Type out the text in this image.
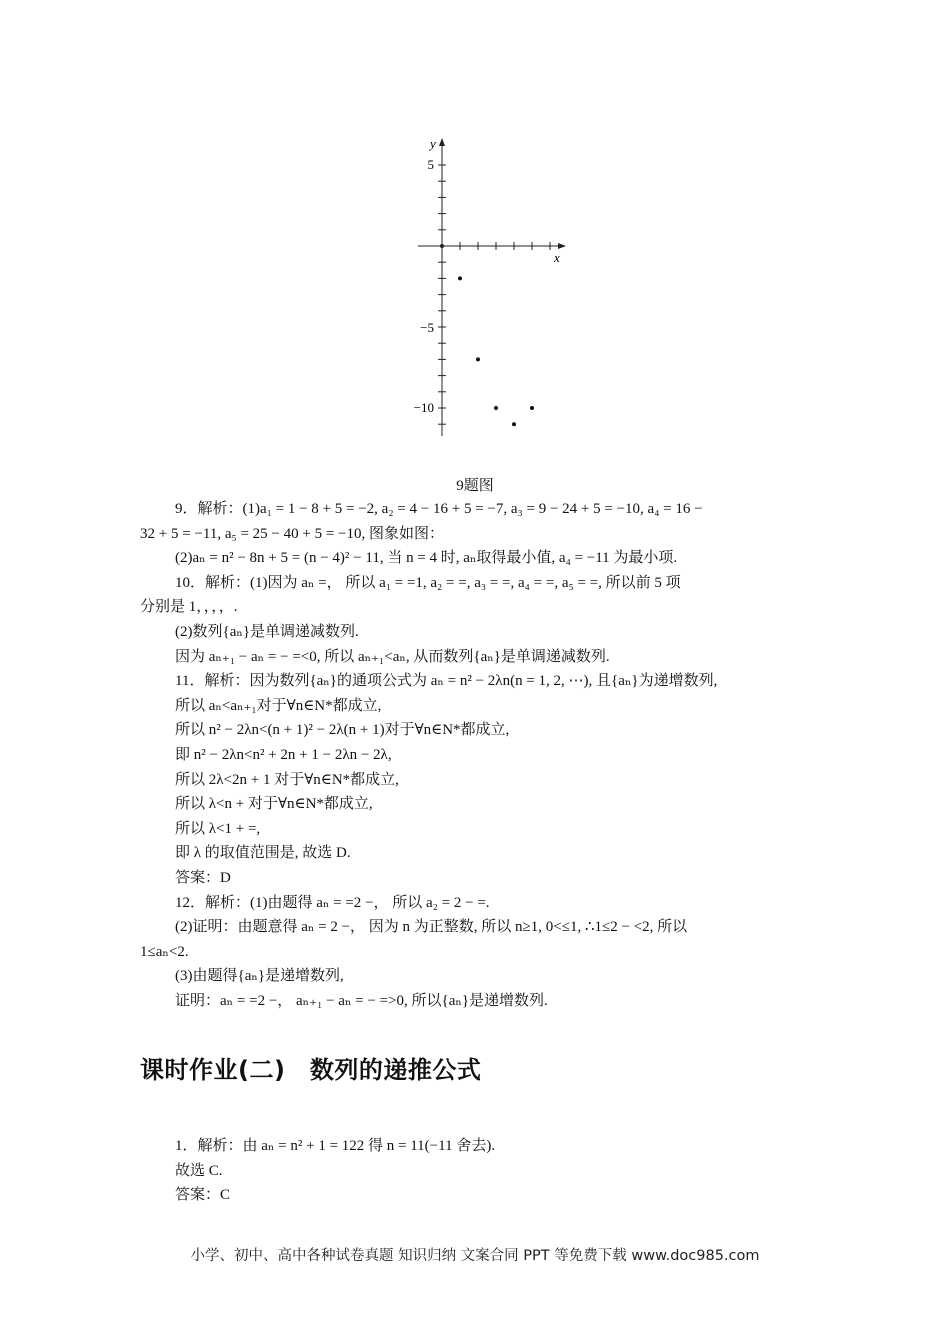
x
y
5
−5
−10
9题图
9．解析：(1)a₁ = 1 − 8 + 5 = −2, a₂ = 4 − 16 + 5 = −7, a₃ = 9 − 24 + 5 = −10, a₄ = 16 −
32 + 5 = −11, a₅ = 25 − 40 + 5 = −10, 图象如图：
(2)aₙ = n² − 8n + 5 = (n − 4)² − 11, 当 n = 4 时, aₙ取得最小值, a₄ = −11 为最小项.
10．解析：(1)因为 aₙ =， 所以 a₁ = =1, a₂ = =, a₃ = =, a₄ = =, a₅ = =, 所以前 5 项
分别是 1，，，，.
(2)数列{aₙ}是单调递减数列.
因为 aₙ₊₁ − aₙ = − =<0, 所以 aₙ₊₁<aₙ, 从而数列{aₙ}是单调递减数列.
11．解析：因为数列{aₙ}的通项公式为 aₙ = n² − 2λn(n = 1, 2, ⋯), 且{aₙ}为递增数列,
所以 aₙ<aₙ₊₁对于∀n∈N*都成立,
所以 n² − 2λn<(n + 1)² − 2λ(n + 1)对于∀n∈N*都成立,
即 n² − 2λn<n² + 2n + 1 − 2λn − 2λ,
所以 2λ<2n + 1 对于∀n∈N*都成立,
所以 λ<n + 对于∀n∈N*都成立,
所以 λ<1 + =,
即 λ 的取值范围是, 故选 D.
答案：D
12．解析：(1)由题得 aₙ = =2 −， 所以 a₂ = 2 − =.
(2)证明：由题意得 aₙ = 2 −， 因为 n 为正整数, 所以 n≥1, 0<≤1, ∴1≤2 − <2, 所以
1≤aₙ<2.
(3)由题得{aₙ}是递增数列,
证明：aₙ = =2 −， aₙ₊₁ − aₙ = − =>0, 所以{aₙ}是递增数列.
课时作业(二)　数列的递推公式
1．解析：由 aₙ = n² + 1 = 122 得 n = 11(−11 舍去).
故选 C.
答案：C
小学、初中、高中各种试卷真题 知识归纳 文案合同 PPT 等免费下载 www.doc985.com
